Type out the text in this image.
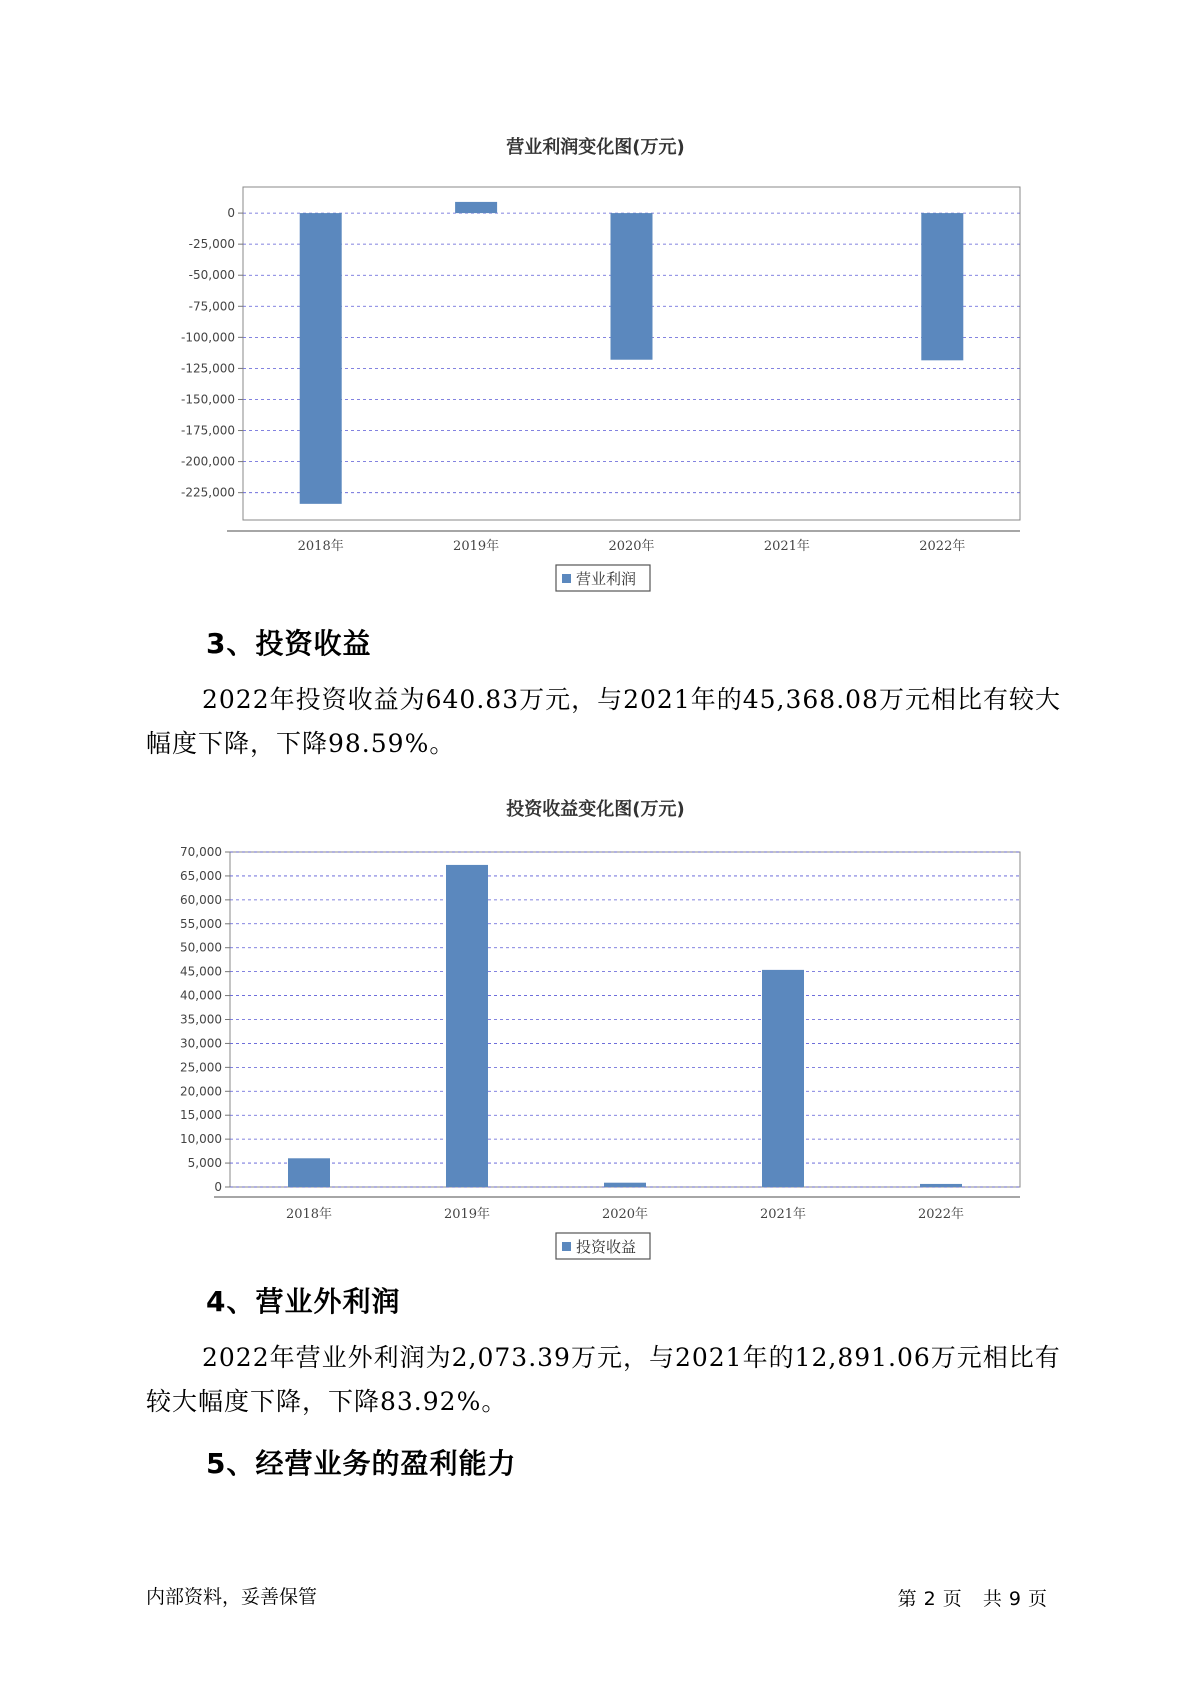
营业利润变化图(万元)
0
-25,000
-50,000
-75,000
-100,000
-125,000
-150,000
-175,000
-200,000
-225,000
2018年	2019年	2020年	2021年	2022年
营业利润
3、投资收益

2022年投资收益为640.83万元，与2021年的45,368.08万元相比有较大幅度下降，下降98.59%。

投资收益变化图(万元)
0
5,000
10,000
15,000
20,000
25,000
30,000
35,000
40,000
45,000
50,000
55,000
60,000
65,000
70,000
2018年	2019年	2020年	2021年	2022年
投资收益
4、营业外利润

2022年营业外利润为2,073.39万元，与2021年的12,891.06万元相比有较大幅度下降，下降83.92%。

5、经营业务的盈利能力
内部资料，妥善保管	第 2 页 共 9 页
